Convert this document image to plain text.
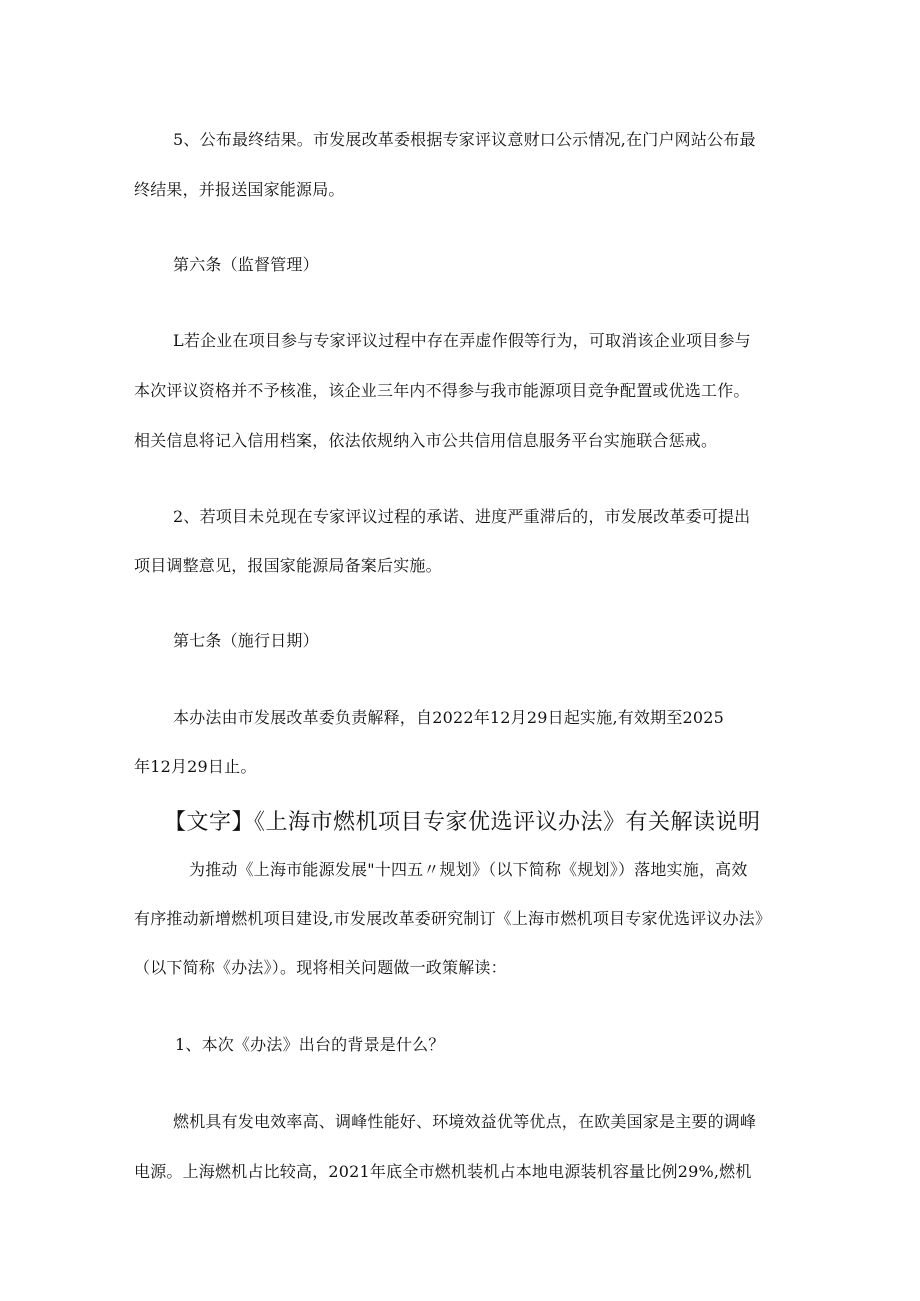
5、公布最终结果。市发展改革委根据专家评议意财口公示情况,在门户网站公布最
终结果，并报送国家能源局。
第六条（监督管理）
L若企业在项目参与专家评议过程中存在弄虚作假等行为，可取消该企业项目参与
本次评议资格并不予核准，该企业三年内不得参与我市能源项目竞争配置或优选工作。
相关信息将记入信用档案，依法依规纳入市公共信用信息服务平台实施联合惩戒。
2、若项目未兑现在专家评议过程的承诺、进度严重滞后的，市发展改革委可提出
项目调整意见，报国家能源局备案后实施。
第七条（施行日期）
本办法由市发展改革委负责解释，自2022年12月29日起实施,有效期至2025
年12月29日止。
【文字】《上海市燃机项目专家优选评议办法》有关解读说明
为推动《上海市能源发展"十四五〃规划》（以下简称《规划》）落地实施，高效
有序推动新增燃机项目建设,市发展改革委研究制订《上海市燃机项目专家优选评议办法》
（以下简称《办法》）。现将相关问题做一政策解读：
1、本次《办法》出台的背景是什么？
燃机具有发电效率高、调峰性能好、环境效益优等优点，在欧美国家是主要的调峰
电源。上海燃机占比较高，2021年底全市燃机装机占本地电源装机容量比例29%,燃机
